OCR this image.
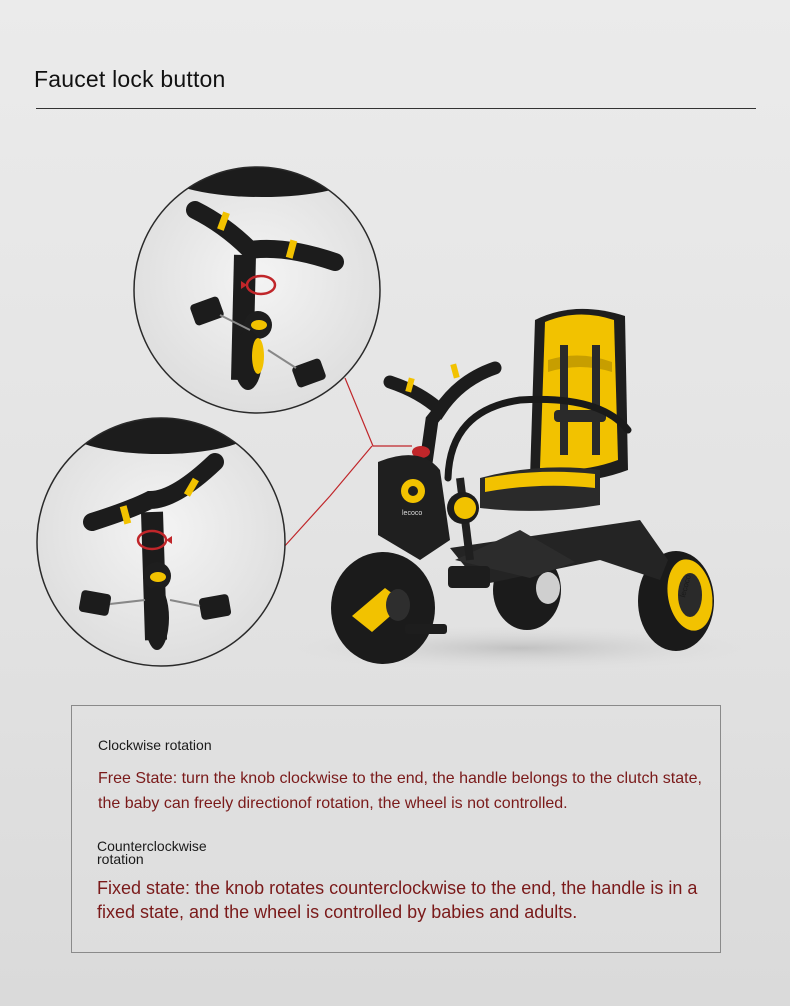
Faucet lock button
lecoco
lecoco
Clockwise rotation
Free State: turn the knob clockwise to the end, the handle belongs to the clutch state, the baby can freely directionof rotation, the wheel is not controlled.
Counterclockwise rotation
Fixed state: the knob rotates counterclockwise to the end, the handle is in a fixed state, and the wheel is controlled by babies and adults.
